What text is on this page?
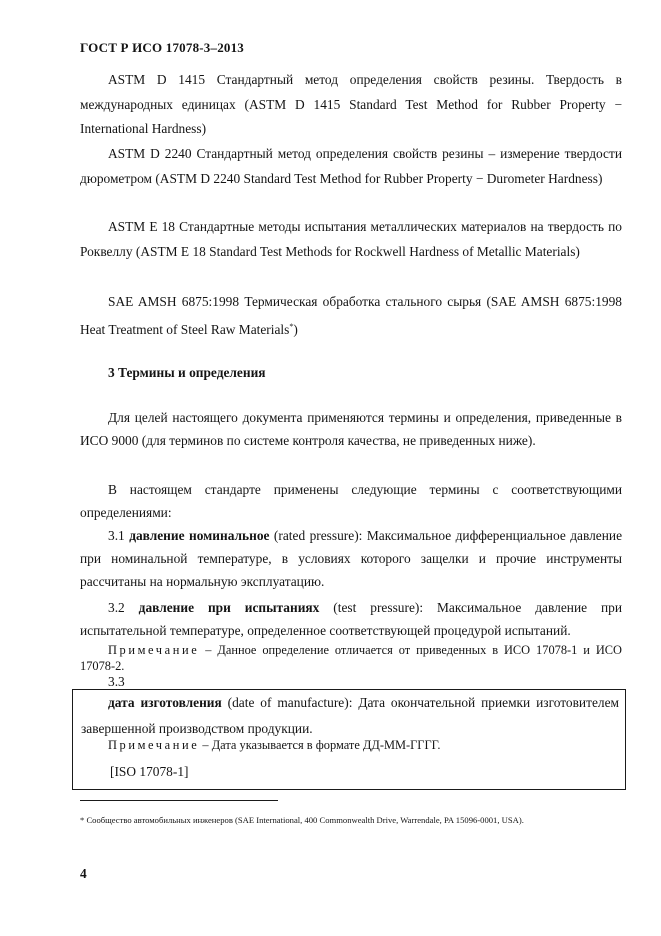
ГОСТ Р ИСО 17078-3–2013
ASTM D 1415 Стандартный метод определения свойств резины. Твердость в международных единицах (ASTM D 1415 Standard Test Method for Rubber Property − International Hardness)
ASTM D 2240 Стандартный метод определения свойств резины – измерение твердости дюрометром (ASTM D 2240 Standard Test Method for Rubber Property − Durometer Hardness)
ASTM E 18 Стандартные методы испытания металлических материалов на твердость по Роквеллу (ASTM E 18 Standard Test Methods for Rockwell Hardness of Metallic Materials)
SAE AMSH 6875:1998 Термическая обработка стального сырья (SAE AMSH 6875:1998 Heat Treatment of Steel Raw Materials*)
3 Термины и определения
Для целей настоящего документа применяются термины и определения, приведенные в ИСО 9000 (для терминов по системе контроля качества, не приведенных ниже).
В настоящем стандарте применены следующие термины с соответствующими определениями:
3.1 давление номинальное (rated pressure): Максимальное дифференциальное давление при номинальной температуре, в условиях которого защелки и прочие инструменты рассчитаны на нормальную эксплуатацию.
3.2 давление при испытаниях (test pressure): Максимальное давление при испытательной температуре, определенное соответствующей процедурой испытаний.
Примечание – Данное определение отличается от приведенных в ИСО 17078-1 и ИСО 17078-2.
3.3
дата изготовления (date of manufacture): Дата окончательной приемки изготовителем завершенной производством продукции.
Примечание – Дата указывается в формате ДД-ММ-ГГГГ.
[ISO 17078-1]
* Сообщество автомобильных инженеров (SAE International, 400 Commonwealth Drive, Warrendale, PA 15096-0001, USA).
4
